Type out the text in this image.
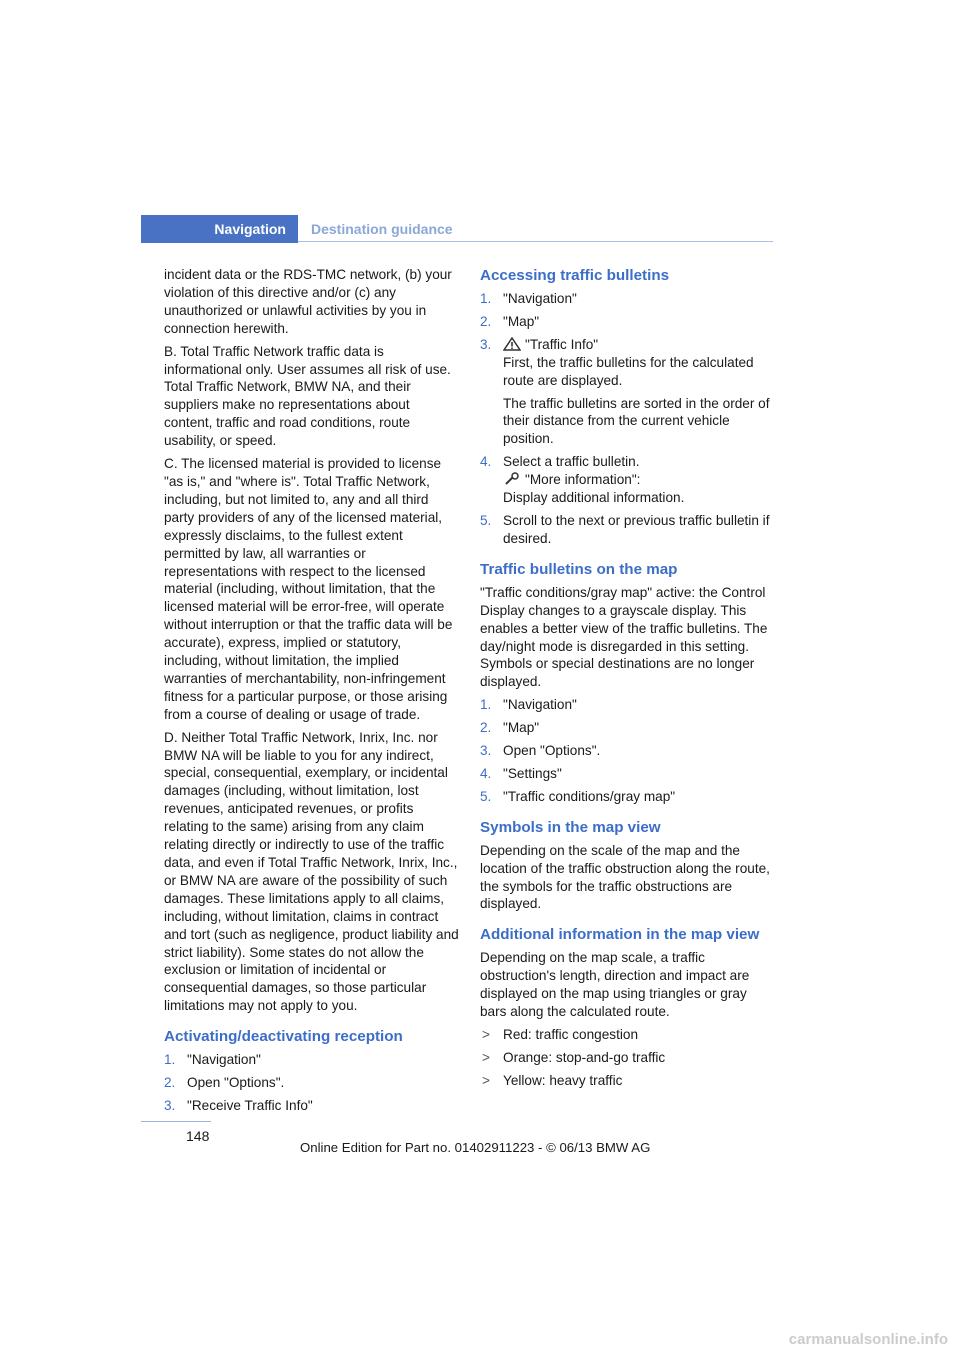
Navigation Destination guidance

incident data or the RDS-TMC network, (b) your violation of this directive and/or (c) any unauthorized or unlawful activities by you in connection herewith.

B. Total Traffic Network traffic data is informational only. User assumes all risk of use. Total Traffic Network, BMW NA, and their suppliers make no representations about content, traffic and road conditions, route usability, or speed.

C. The licensed material is provided to license "as is," and "where is". Total Traffic Network, including, but not limited to, any and all third party providers of any of the licensed material, expressly disclaims, to the fullest extent permitted by law, all warranties or representations with respect to the licensed material (including, without limitation, that the licensed material will be error-free, will operate without interruption or that the traffic data will be accurate), express, implied or statutory, including, without limitation, the implied warranties of merchantability, non-infringement fitness for a particular purpose, or those arising from a course of dealing or usage of trade.

D. Neither Total Traffic Network, Inrix, Inc. nor BMW NA will be liable to you for any indirect, special, consequential, exemplary, or incidental damages (including, without limitation, lost revenues, anticipated revenues, or profits relating to the same) arising from any claim relating directly or indirectly to use of the traffic data, and even if Total Traffic Network, Inrix, Inc., or BMW NA are aware of the possibility of such damages. These limitations apply to all claims, including, without limitation, claims in contract and tort (such as negligence, product liability and strict liability). Some states do not allow the exclusion or limitation of incidental or consequential damages, so those particular limitations may not apply to you.

Activating/deactivating reception
1. "Navigation"
2. Open "Options".
3. "Receive Traffic Info"
Accessing traffic bulletins
1. "Navigation"
2. "Map"
3. "Traffic Info"

First, the traffic bulletins for the calculated route are displayed.

The traffic bulletins are sorted in the order of their distance from the current vehicle position.

4. Select a traffic bulletin.

"More information":
Display additional information.

5. Scroll to the next or previous traffic bulletin if desired.
Traffic bulletins on the map

"Traffic conditions/gray map" active: the Control Display changes to a grayscale display. This enables a better view of the traffic bulletins. The day/night mode is disregarded in this setting. Symbols or special destinations are no longer displayed.

1. "Navigation"
2. "Map"
3. Open "Options".
4. "Settings"
5. "Traffic conditions/gray map"
Symbols in the map view

Depending on the scale of the map and the location of the traffic obstruction along the route, the symbols for the traffic obstructions are displayed.

Additional information in the map view

Depending on the map scale, a traffic obstruction's length, direction and impact are displayed on the map using triangles or gray bars along the calculated route.

> Red: traffic congestion
> Orange: stop-and-go traffic
> Yellow: heavy traffic
148
Online Edition for Part no. 01402911223 - © 06/13 BMW AG
carmanualsonline.info
